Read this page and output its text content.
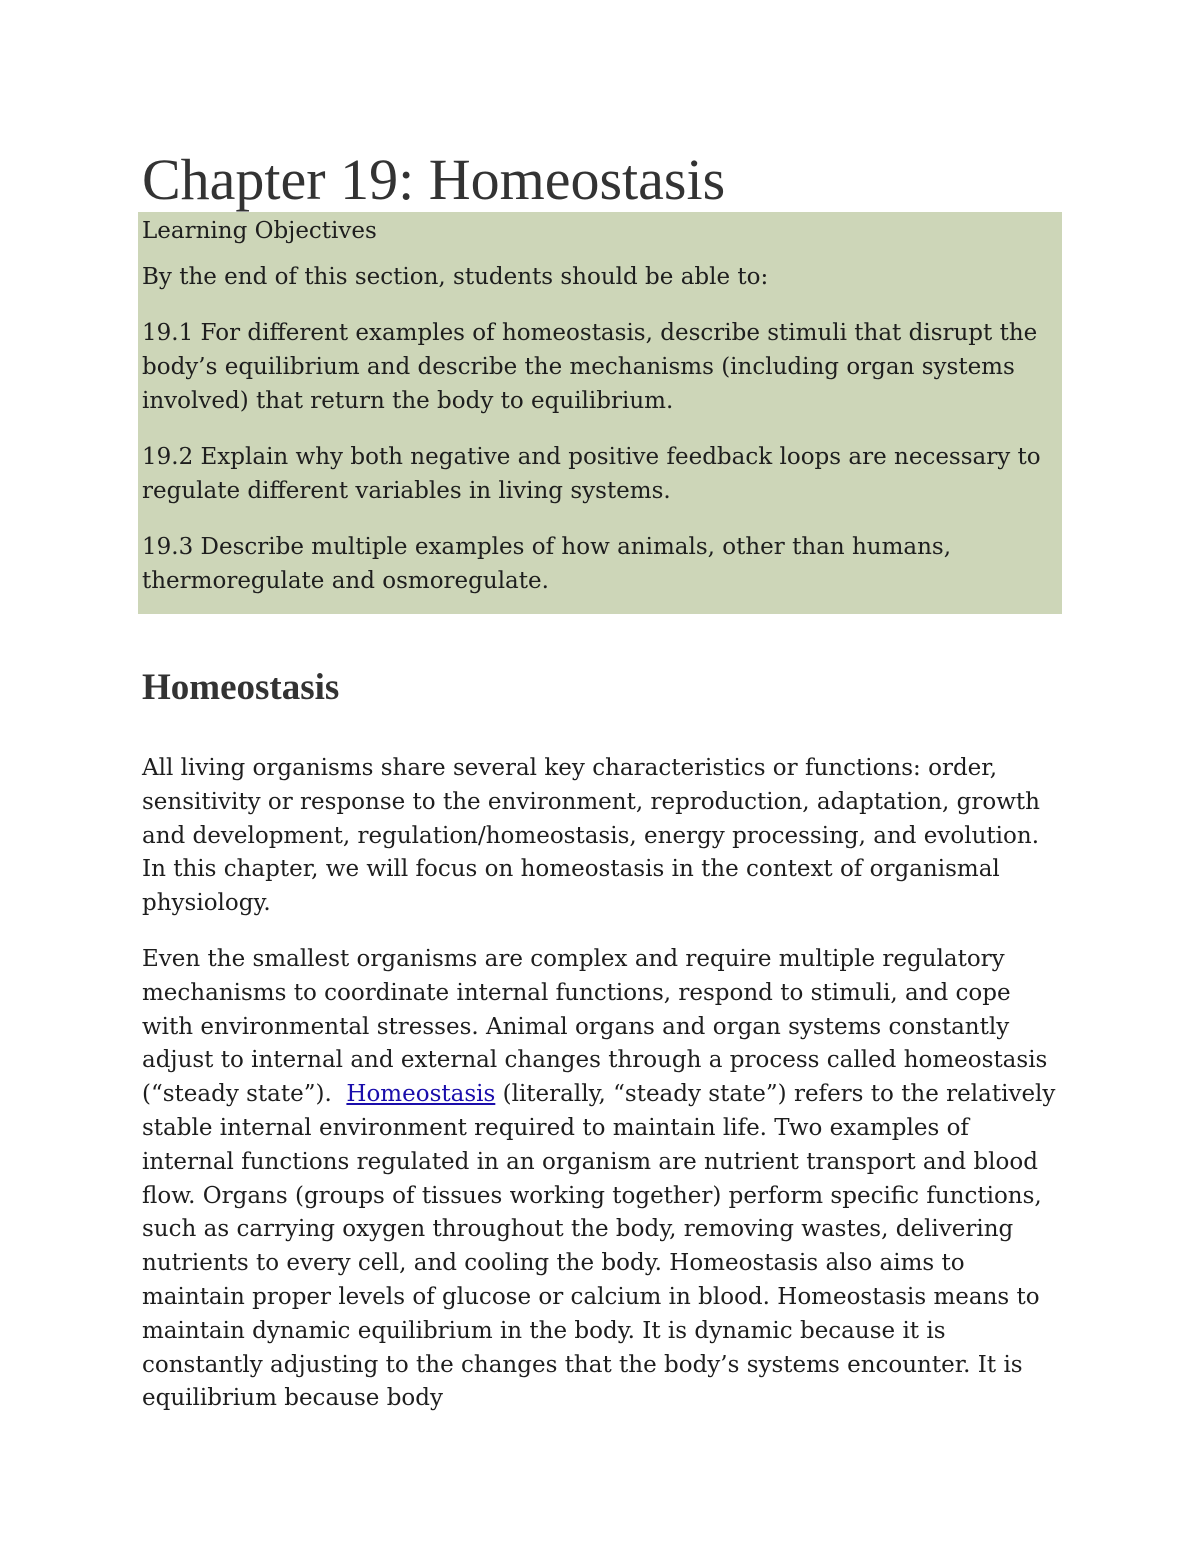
Chapter 19: Homeostasis
Learning Objectives

By the end of this section, students should be able to:

19.1 For different examples of homeostasis, describe stimuli that disrupt the body’s equilibrium and describe the mechanisms (including organ systems involved) that return the body to equilibrium.

19.2 Explain why both negative and positive feedback loops are necessary to regulate different variables in living systems.

19.3 Describe multiple examples of how animals, other than humans, thermoregulate and osmoregulate.

Homeostasis

All living organisms share several key characteristics or functions: order, sensitivity or response to the environment, reproduction, adaptation, growth and development, regulation/homeostasis, energy processing, and evolution. In this chapter, we will focus on homeostasis in the context of organismal physiology.

Even the smallest organisms are complex and require multiple regulatory mechanisms to coordinate internal functions, respond to stimuli, and cope with environmental stresses. Animal organs and organ systems constantly adjust to internal and external changes through a process called homeostasis (“steady state”).  Homeostasis (literally, “steady state”) refers to the relatively stable internal environment required to maintain life. Two examples of internal functions regulated in an organism are nutrient transport and blood flow. Organs (groups of tissues working together) perform specific functions, such as carrying oxygen throughout the body, removing wastes, delivering nutrients to every cell, and cooling the body. Homeostasis also aims to maintain proper levels of glucose or calcium in blood. Homeostasis means to maintain dynamic equilibrium in the body. It is dynamic because it is constantly adjusting to the changes that the body’s systems encounter. It is equilibrium because body
